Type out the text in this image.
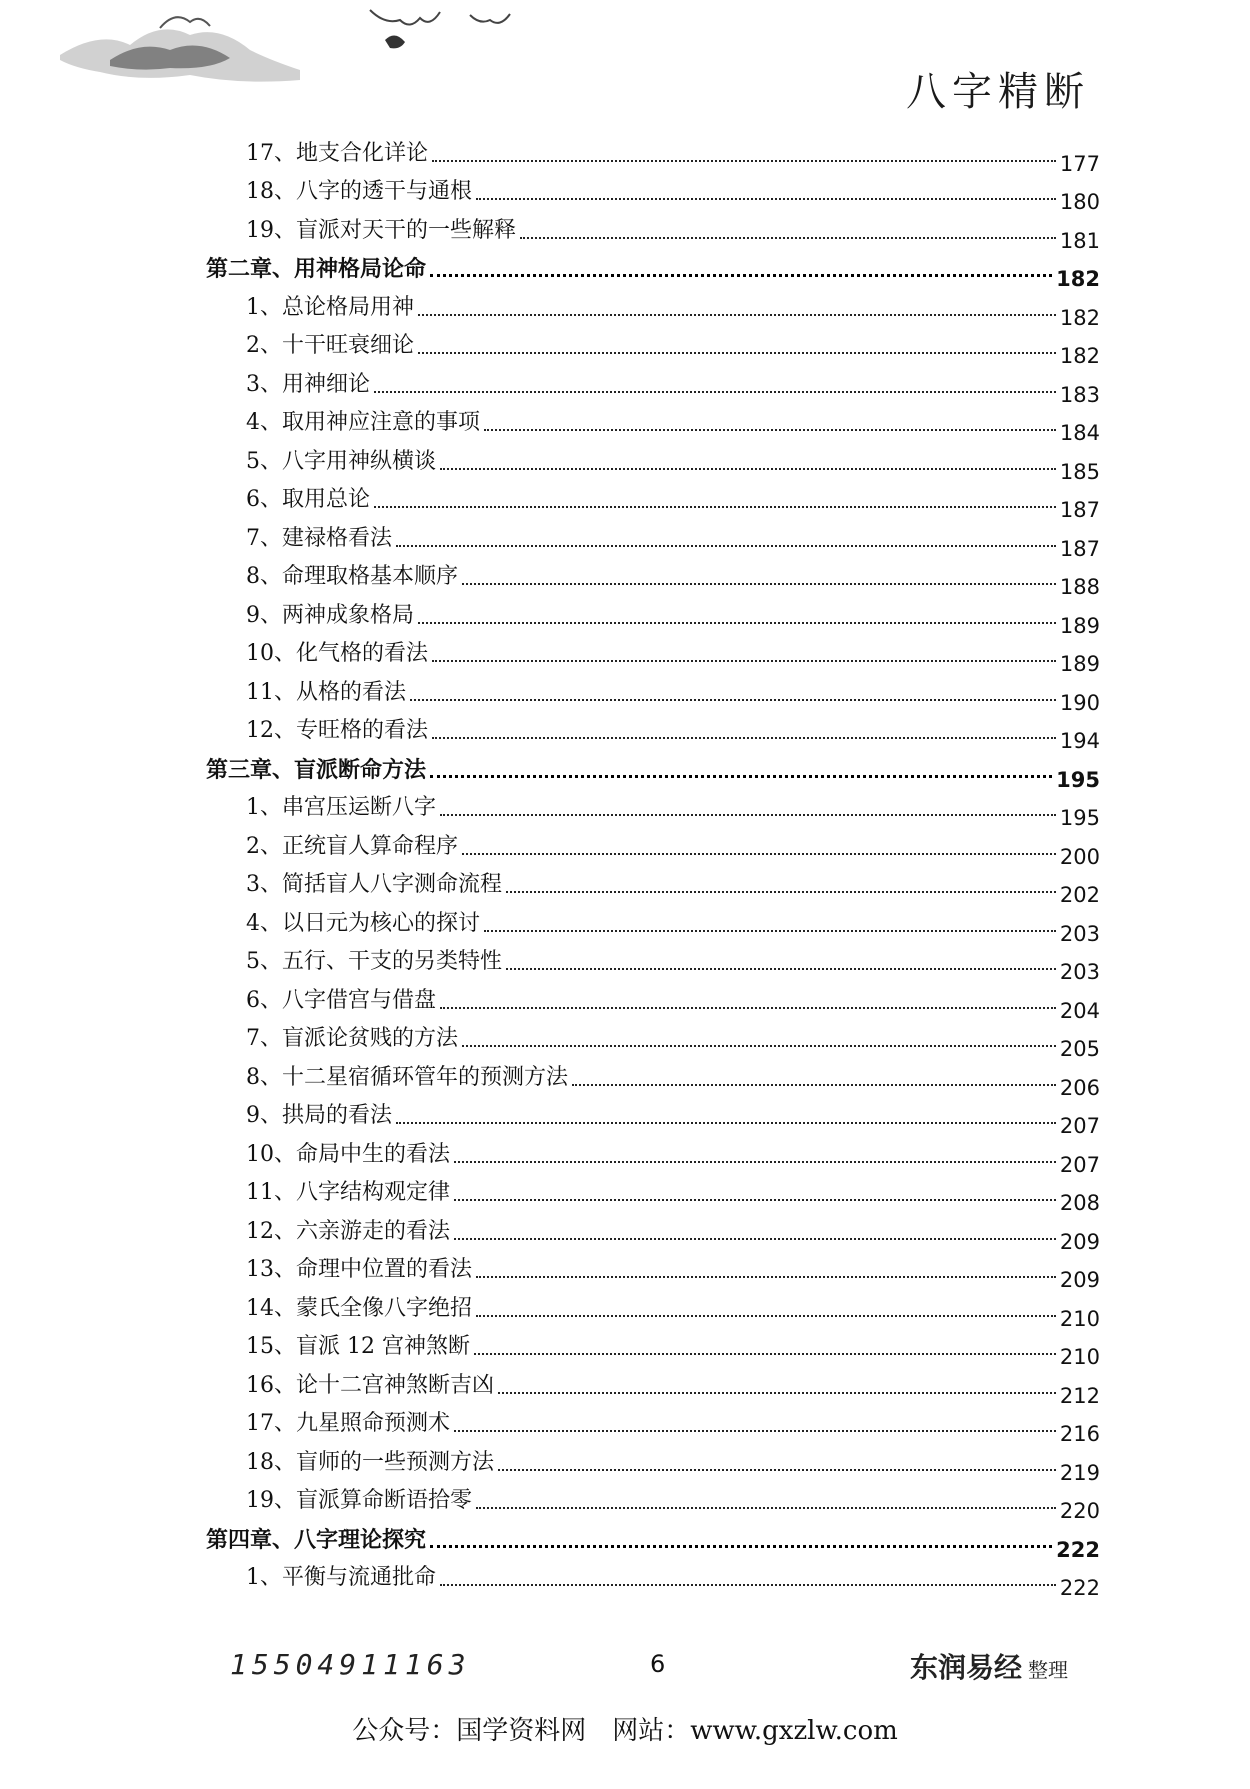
八字精断
17、地支合化详论	177
18、八字的透干与通根	180
19、盲派对天干的一些解释	181
第二章、用神格局论命	182
1、总论格局用神	182
2、十干旺衰细论	182
3、用神细论	183
4、取用神应注意的事项	184
5、八字用神纵横谈	185
6、取用总论	187
7、建禄格看法	187
8、命理取格基本顺序	188
9、两神成象格局	189
10、化气格的看法	189
11、从格的看法	190
12、专旺格的看法	194
第三章、盲派断命方法	195
1、串宫压运断八字	195
2、正统盲人算命程序	200
3、简括盲人八字测命流程	202
4、以日元为核心的探讨	203
5、五行、干支的另类特性	203
6、八字借宫与借盘	204
7、盲派论贫贱的方法	205
8、十二星宿循环管年的预测方法	206
9、拱局的看法	207
10、命局中生的看法	207
11、八字结构观定律	208
12、六亲游走的看法	209
13、命理中位置的看法	209
14、蒙氏全像八字绝招	210
15、盲派 12 宫神煞断	210
16、论十二宫神煞断吉凶	212
17、九星照命预测术	216
18、盲师的一些预测方法	219
19、盲派算命断语拾零	220
第四章、八字理论探究	222
1、平衡与流通批命	222
15504911163	6	东润易经 整理
公众号：国学资料网　网站：www.gxzlw.com
